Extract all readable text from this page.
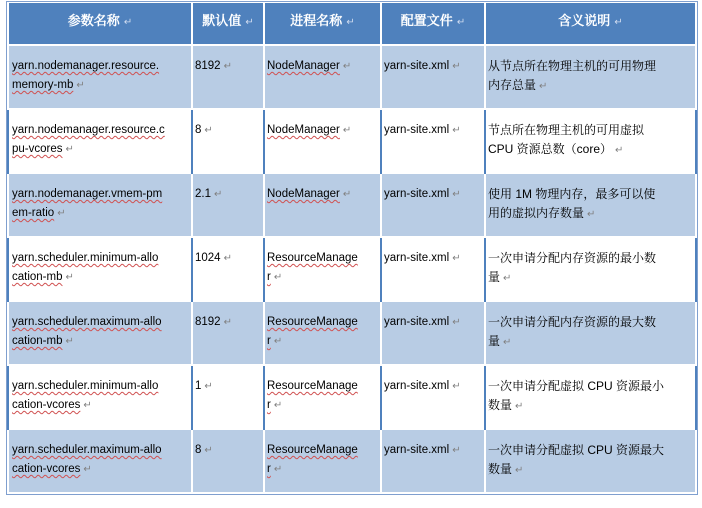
参数名称 ↵	默认值 ↵	进程名称 ↵	配置文件 ↵	含义说明 ↵

yarn.nodemanager.resource.
memory-mb ↵	8192 ↵	NodeManager ↵	yarn-site.xml ↵	从节点所在物理主机的可用物理
内存总量 ↵

yarn.nodemanager.resource.c
pu-vcores ↵	8 ↵	NodeManager ↵	yarn-site.xml ↵	节点所在物理主机的可用虚拟
CPU 资源总数（core） ↵

yarn.nodemanager.vmem-pm
em-ratio ↵	2.1 ↵	NodeManager ↵	yarn-site.xml ↵	使用 1M 物理内存，最多可以使
用的虚拟内存数量 ↵

yarn.scheduler.minimum-allo
cation-mb ↵	1024 ↵	ResourceManage
r ↵	yarn-site.xml ↵	一次申请分配内存资源的最小数
量 ↵

yarn.scheduler.maximum-allo
cation-mb ↵	8192 ↵	ResourceManage
r ↵	yarn-site.xml ↵	一次申请分配内存资源的最大数
量 ↵

yarn.scheduler.minimum-allo
cation-vcores ↵	1 ↵	ResourceManage
r ↵	yarn-site.xml ↵	一次申请分配虚拟 CPU 资源最小
数量 ↵

yarn.scheduler.maximum-allo
cation-vcores ↵	8 ↵	ResourceManage
r ↵	yarn-site.xml ↵	一次申请分配虚拟 CPU 资源最大
数量 ↵
